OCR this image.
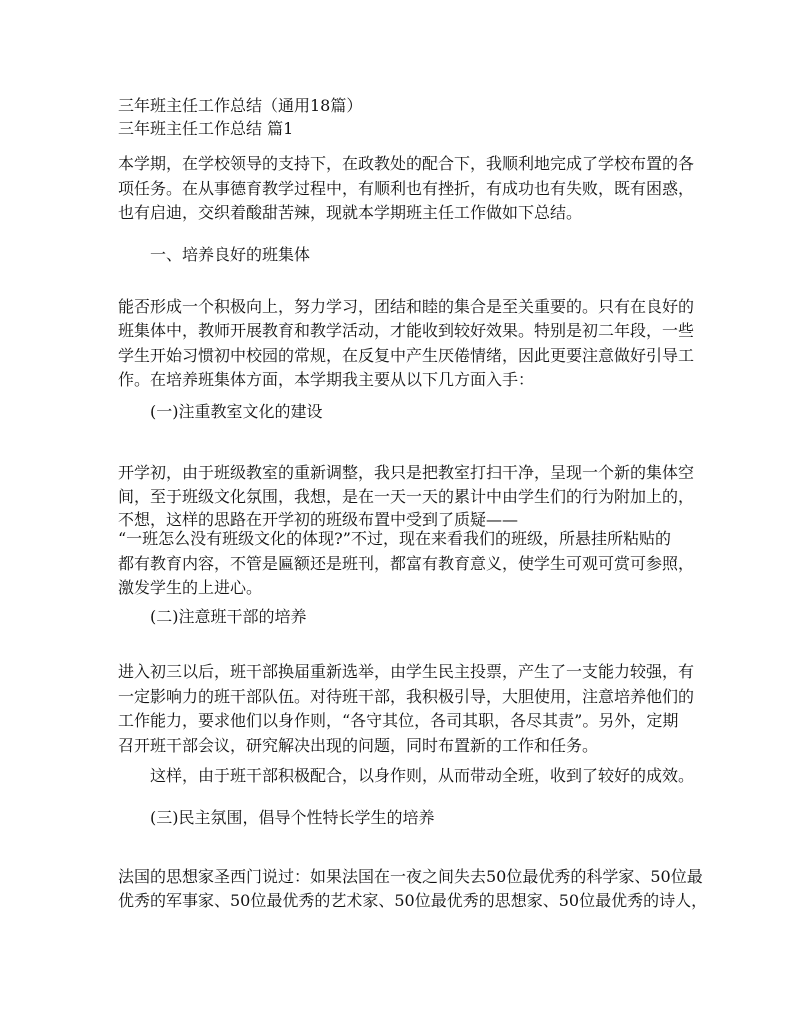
三年班主任工作总结（通用18篇）
三年班主任工作总结 篇1
本学期，在学校领导的支持下，在政教处的配合下，我顺利地完成了学校布置的各
项任务。在从事德育教学过程中，有顺利也有挫折，有成功也有失败，既有困惑，
也有启迪，交织着酸甜苦辣，现就本学期班主任工作做如下总结。
一、培养良好的班集体
能否形成一个积极向上，努力学习，团结和睦的集合是至关重要的。只有在良好的
班集体中，教师开展教育和教学活动，才能收到较好效果。特别是初二年段，一些
学生开始习惯初中校园的常规，在反复中产生厌倦情绪，因此更要注意做好引导工
作。在培养班集体方面，本学期我主要从以下几方面入手：
(一)注重教室文化的建设
开学初，由于班级教室的重新调整，我只是把教室打扫干净，呈现一个新的集体空
间，至于班级文化氛围，我想，是在一天一天的累计中由学生们的行为附加上的，
不想，这样的思路在开学初的班级布置中受到了质疑——
“一班怎么没有班级文化的体现?”不过，现在来看我们的班级，所悬挂所粘贴的
都有教育内容，不管是匾额还是班刊，都富有教育意义，使学生可观可赏可参照，
激发学生的上进心。
(二)注意班干部的培养
进入初三以后，班干部换届重新选举，由学生民主投票，产生了一支能力较强，有
一定影响力的班干部队伍。对待班干部，我积极引导，大胆使用，注意培养他们的
工作能力，要求他们以身作则，“各守其位，各司其职，各尽其责”。另外，定期
召开班干部会议，研究解决出现的问题，同时布置新的工作和任务。
这样，由于班干部积极配合，以身作则，从而带动全班，收到了较好的成效。
(三)民主氛围，倡导个性特长学生的培养
法国的思想家圣西门说过：如果法国在一夜之间失去50位最优秀的科学家、50位最
优秀的军事家、50位最优秀的艺术家、50位最优秀的思想家、50位最优秀的诗人，
